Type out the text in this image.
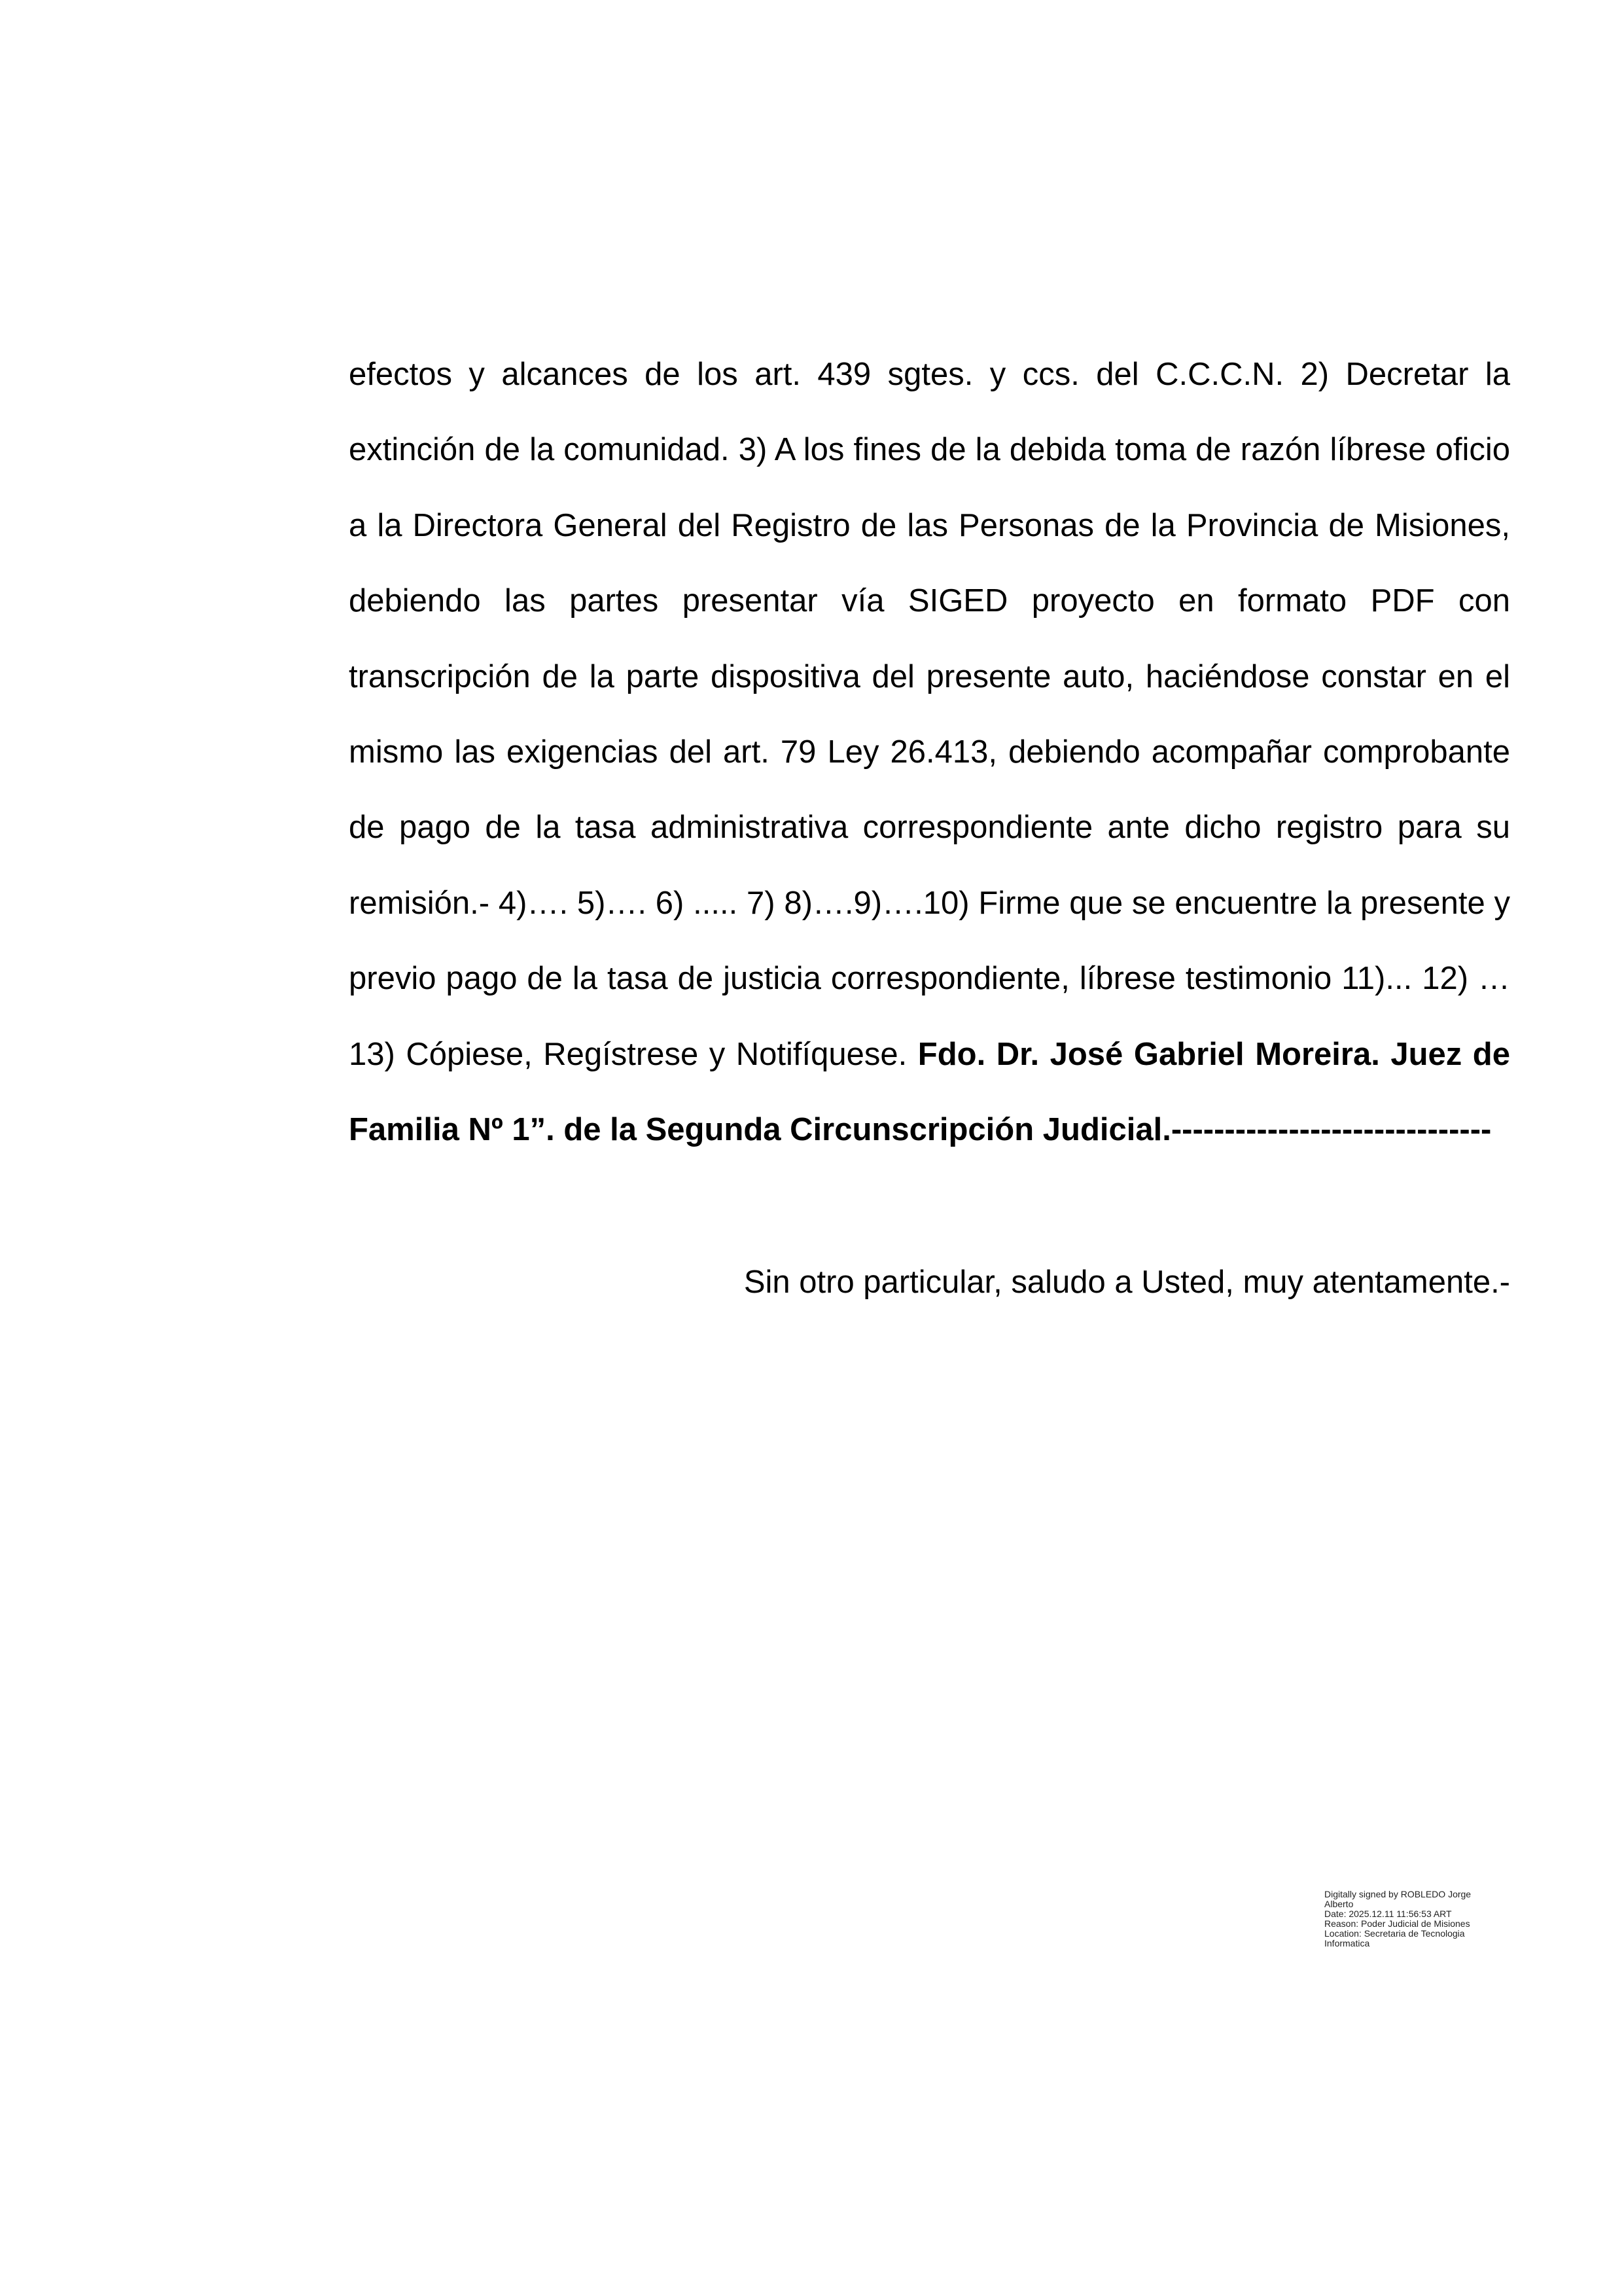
efectos y alcances de los art. 439 sgtes. y ccs. del C.C.C.N. 2) Decretar la extinción de la comunidad. 3) A los fines de la debida toma de razón líbrese oficio a la Directora General del Registro de las Personas de la Provincia de Misiones, debiendo las partes presentar vía SIGED proyecto en formato PDF con transcripción de la parte dispositiva del presente auto, haciéndose constar en el mismo las exigencias del art. 79 Ley 26.413, debiendo acompañar comprobante de pago de la tasa administrativa correspondiente ante dicho registro para su remisión.- 4)…. 5)…. 6) ..... 7) 8)….9)….10) Firme que se encuentre la presente y previo pago de la tasa de justicia correspondiente, líbrese testimonio 11)... 12) … 13) Cópiese, Regístrese y Notifíquese. Fdo. Dr. José Gabriel Moreira. Juez de Familia Nº 1”. de la Segunda Circunscripción Judicial.------------------------------

Sin otro particular, saludo a Usted, muy atentamente.-

Digitally signed by ROBLEDO Jorge
Alberto
Date: 2025.12.11 11:56:53 ART
Reason: Poder Judicial de Misiones
Location: Secretaria de Tecnologia
Informatica
